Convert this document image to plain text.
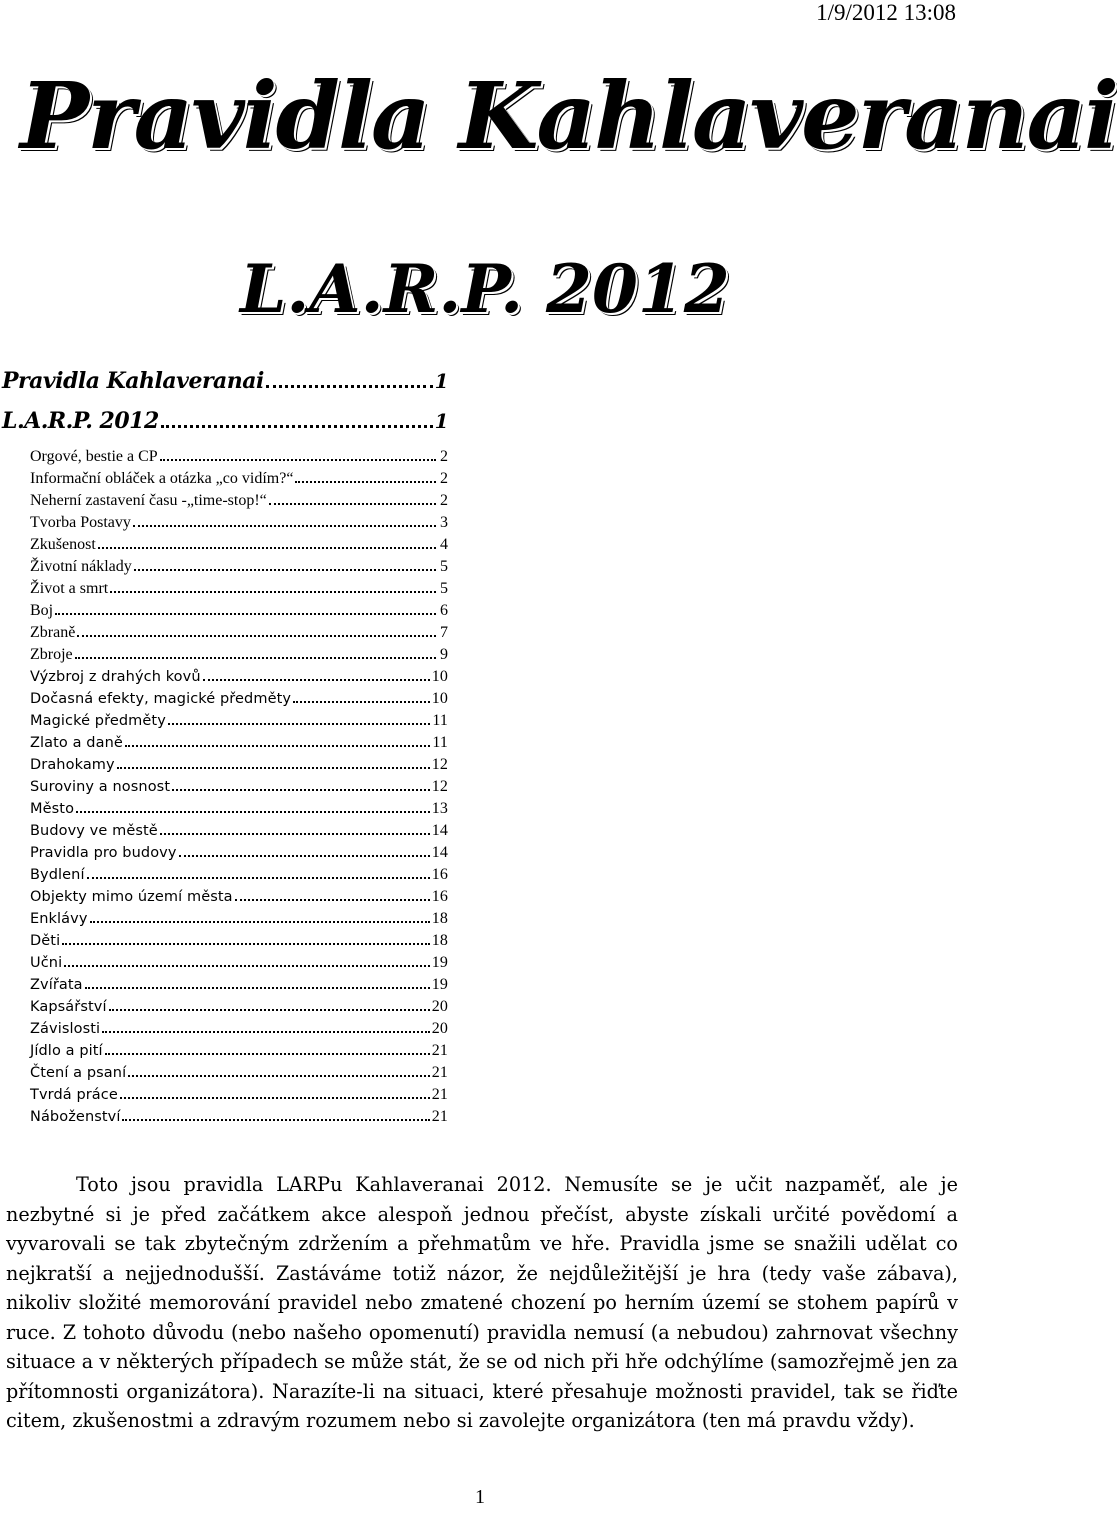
1/9/2012 13:08
Pravidla Kahlaveranai
L.A.R.P. 2012
Pravidla Kahlaveranai	1
L.A.R.P. 2012	1
Orgové, bestie a CP	2
Informační obláček a otázka „co vidím?“	2
Neherní zastavení času -„time-stop!“	2
Tvorba Postavy	3
Zkušenost	4
Životní náklady	5
Život a smrt	5
Boj	6
Zbraně	7
Zbroje	9
Výzbroj z drahých kovů	10
Dočasná efekty, magické předměty	10
Magické předměty	11
Zlato a daně	11
Drahokamy	12
Suroviny a nosnost	12
Město	13
Budovy ve městě	14
Pravidla pro budovy	14
Bydlení	16
Objekty mimo území města	16
Enklávy	18
Děti	18
Učni	19
Zvířata	19
Kapsářství	20
Závislosti	20
Jídlo a pití	21
Čtení a psaní	21
Tvrdá práce	21
Náboženství	21

Toto jsou pravidla LARPu Kahlaveranai 2012. Nemusíte se je učit nazpaměť, ale je nezbytné si je před začátkem akce alespoň jednou přečíst, abyste získali určité povědomí a vyvarovali se tak zbytečným zdržením a přehmatům ve hře. Pravidla jsme se snažili udělat co nejkratší a nejjednodušší. Zastáváme totiž názor, že nejdůležitější je hra (tedy vaše zábava), nikoliv složité memorování pravidel nebo zmatené chození po herním území se stohem papírů v ruce. Z tohoto důvodu (nebo našeho opomenutí) pravidla nemusí (a nebudou) zahrnovat všechny situace a v některých případech se může stát, že se od nich při hře odchýlíme (samozřejmě jen za přítomnosti organizátora). Narazíte-li na situaci, které přesahuje možnosti pravidel, tak se řiďte citem, zkušenostmi a zdravým rozumem nebo si zavolejte organizátora (ten má pravdu vždy).

1
